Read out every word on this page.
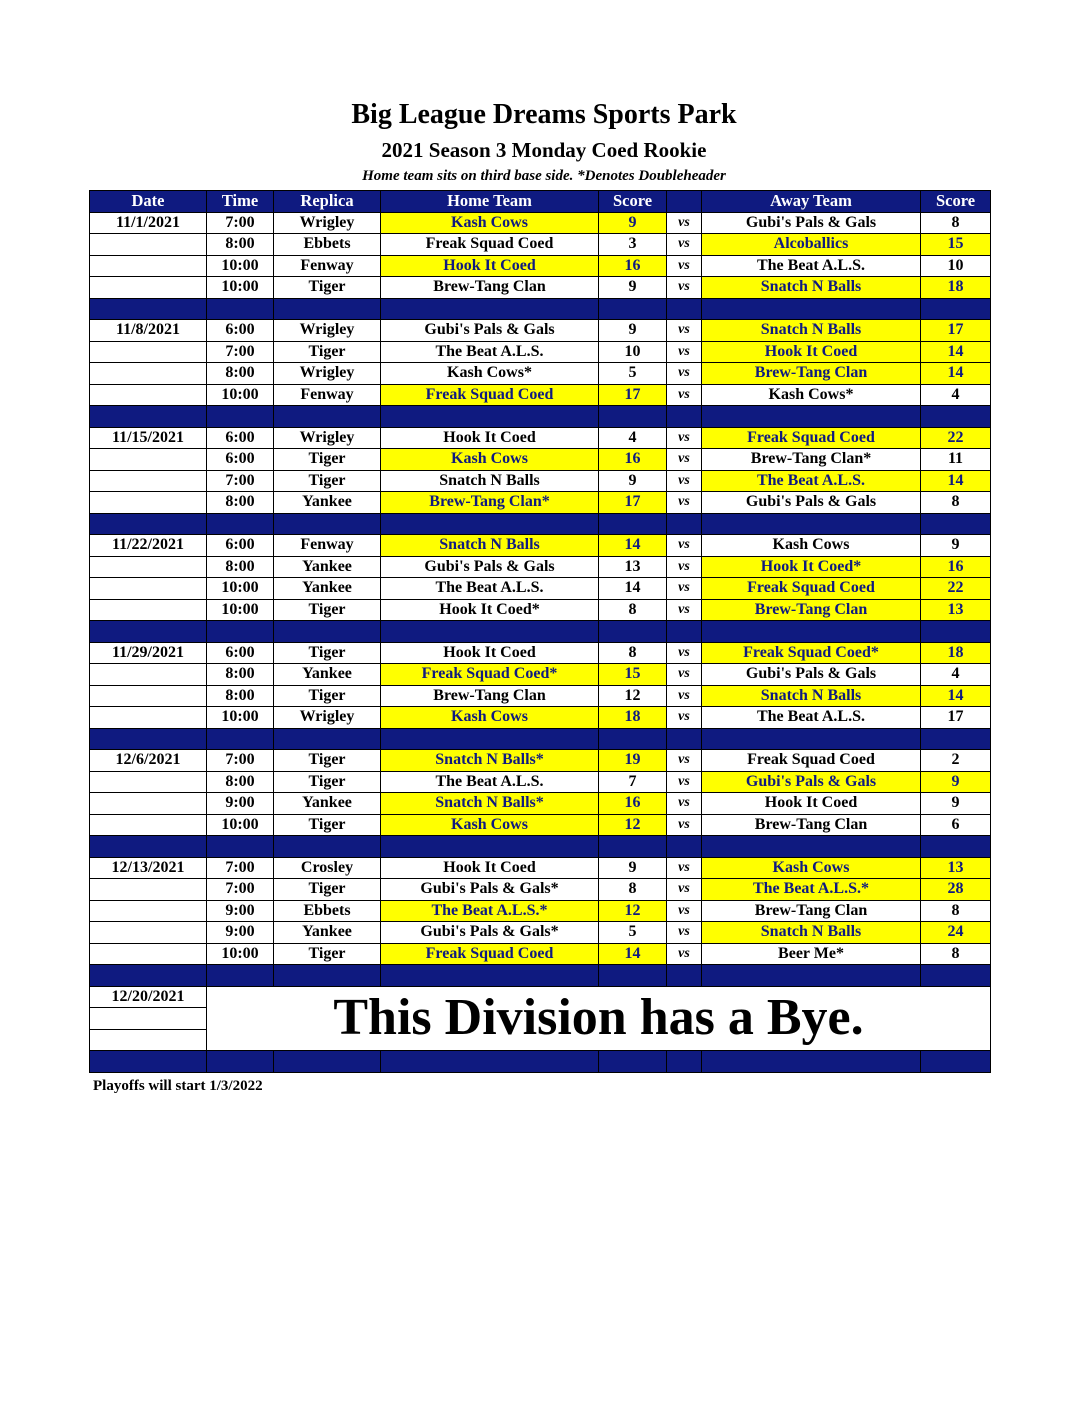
Big League Dreams Sports Park
2021 Season 3 Monday Coed Rookie
Home team sits on third base side. *Denotes Doubleheader
Date	Time	Replica	Home Team	Score		Away Team	Score
11/1/2021	7:00	Wrigley	Kash Cows	9	vs	Gubi's Pals & Gals	8
	8:00	Ebbets	Freak Squad Coed	3	vs	Alcoballics	15
	10:00	Fenway	Hook It Coed	16	vs	The Beat A.L.S.	10
	10:00	Tiger	Brew-Tang Clan	9	vs	Snatch N Balls	18

11/8/2021	6:00	Wrigley	Gubi's Pals & Gals	9	vs	Snatch N Balls	17
	7:00	Tiger	The Beat A.L.S.	10	vs	Hook It Coed	14
	8:00	Wrigley	Kash Cows*	5	vs	Brew-Tang Clan	14
	10:00	Fenway	Freak Squad Coed	17	vs	Kash Cows*	4

11/15/2021	6:00	Wrigley	Hook It Coed	4	vs	Freak Squad Coed	22
	6:00	Tiger	Kash Cows	16	vs	Brew-Tang Clan*	11
	7:00	Tiger	Snatch N Balls	9	vs	The Beat A.L.S.	14
	8:00	Yankee	Brew-Tang Clan*	17	vs	Gubi's Pals & Gals	8

11/22/2021	6:00	Fenway	Snatch N Balls	14	vs	Kash Cows	9
	8:00	Yankee	Gubi's Pals & Gals	13	vs	Hook It Coed*	16
	10:00	Yankee	The Beat A.L.S.	14	vs	Freak Squad Coed	22
	10:00	Tiger	Hook It Coed*	8	vs	Brew-Tang Clan	13

11/29/2021	6:00	Tiger	Hook It Coed	8	vs	Freak Squad Coed*	18
	8:00	Yankee	Freak Squad Coed*	15	vs	Gubi's Pals & Gals	4
	8:00	Tiger	Brew-Tang Clan	12	vs	Snatch N Balls	14
	10:00	Wrigley	Kash Cows	18	vs	The Beat A.L.S.	17

12/6/2021	7:00	Tiger	Snatch N Balls*	19	vs	Freak Squad Coed	2
	8:00	Tiger	The Beat A.L.S.	7	vs	Gubi's Pals & Gals	9
	9:00	Yankee	Snatch N Balls*	16	vs	Hook It Coed	9
	10:00	Tiger	Kash Cows	12	vs	Brew-Tang Clan	6

12/13/2021	7:00	Crosley	Hook It Coed	9	vs	Kash Cows	13
	7:00	Tiger	Gubi's Pals & Gals*	8	vs	The Beat A.L.S.*	28
	9:00	Ebbets	The Beat A.L.S.*	12	vs	Brew-Tang Clan	8
	9:00	Yankee	Gubi's Pals & Gals*	5	vs	Snatch N Balls	24
	10:00	Tiger	Freak Squad Coed	14	vs	Beer Me*	8

12/20/2021	This Division has a Bye.						

Playoffs will start 1/3/2022
